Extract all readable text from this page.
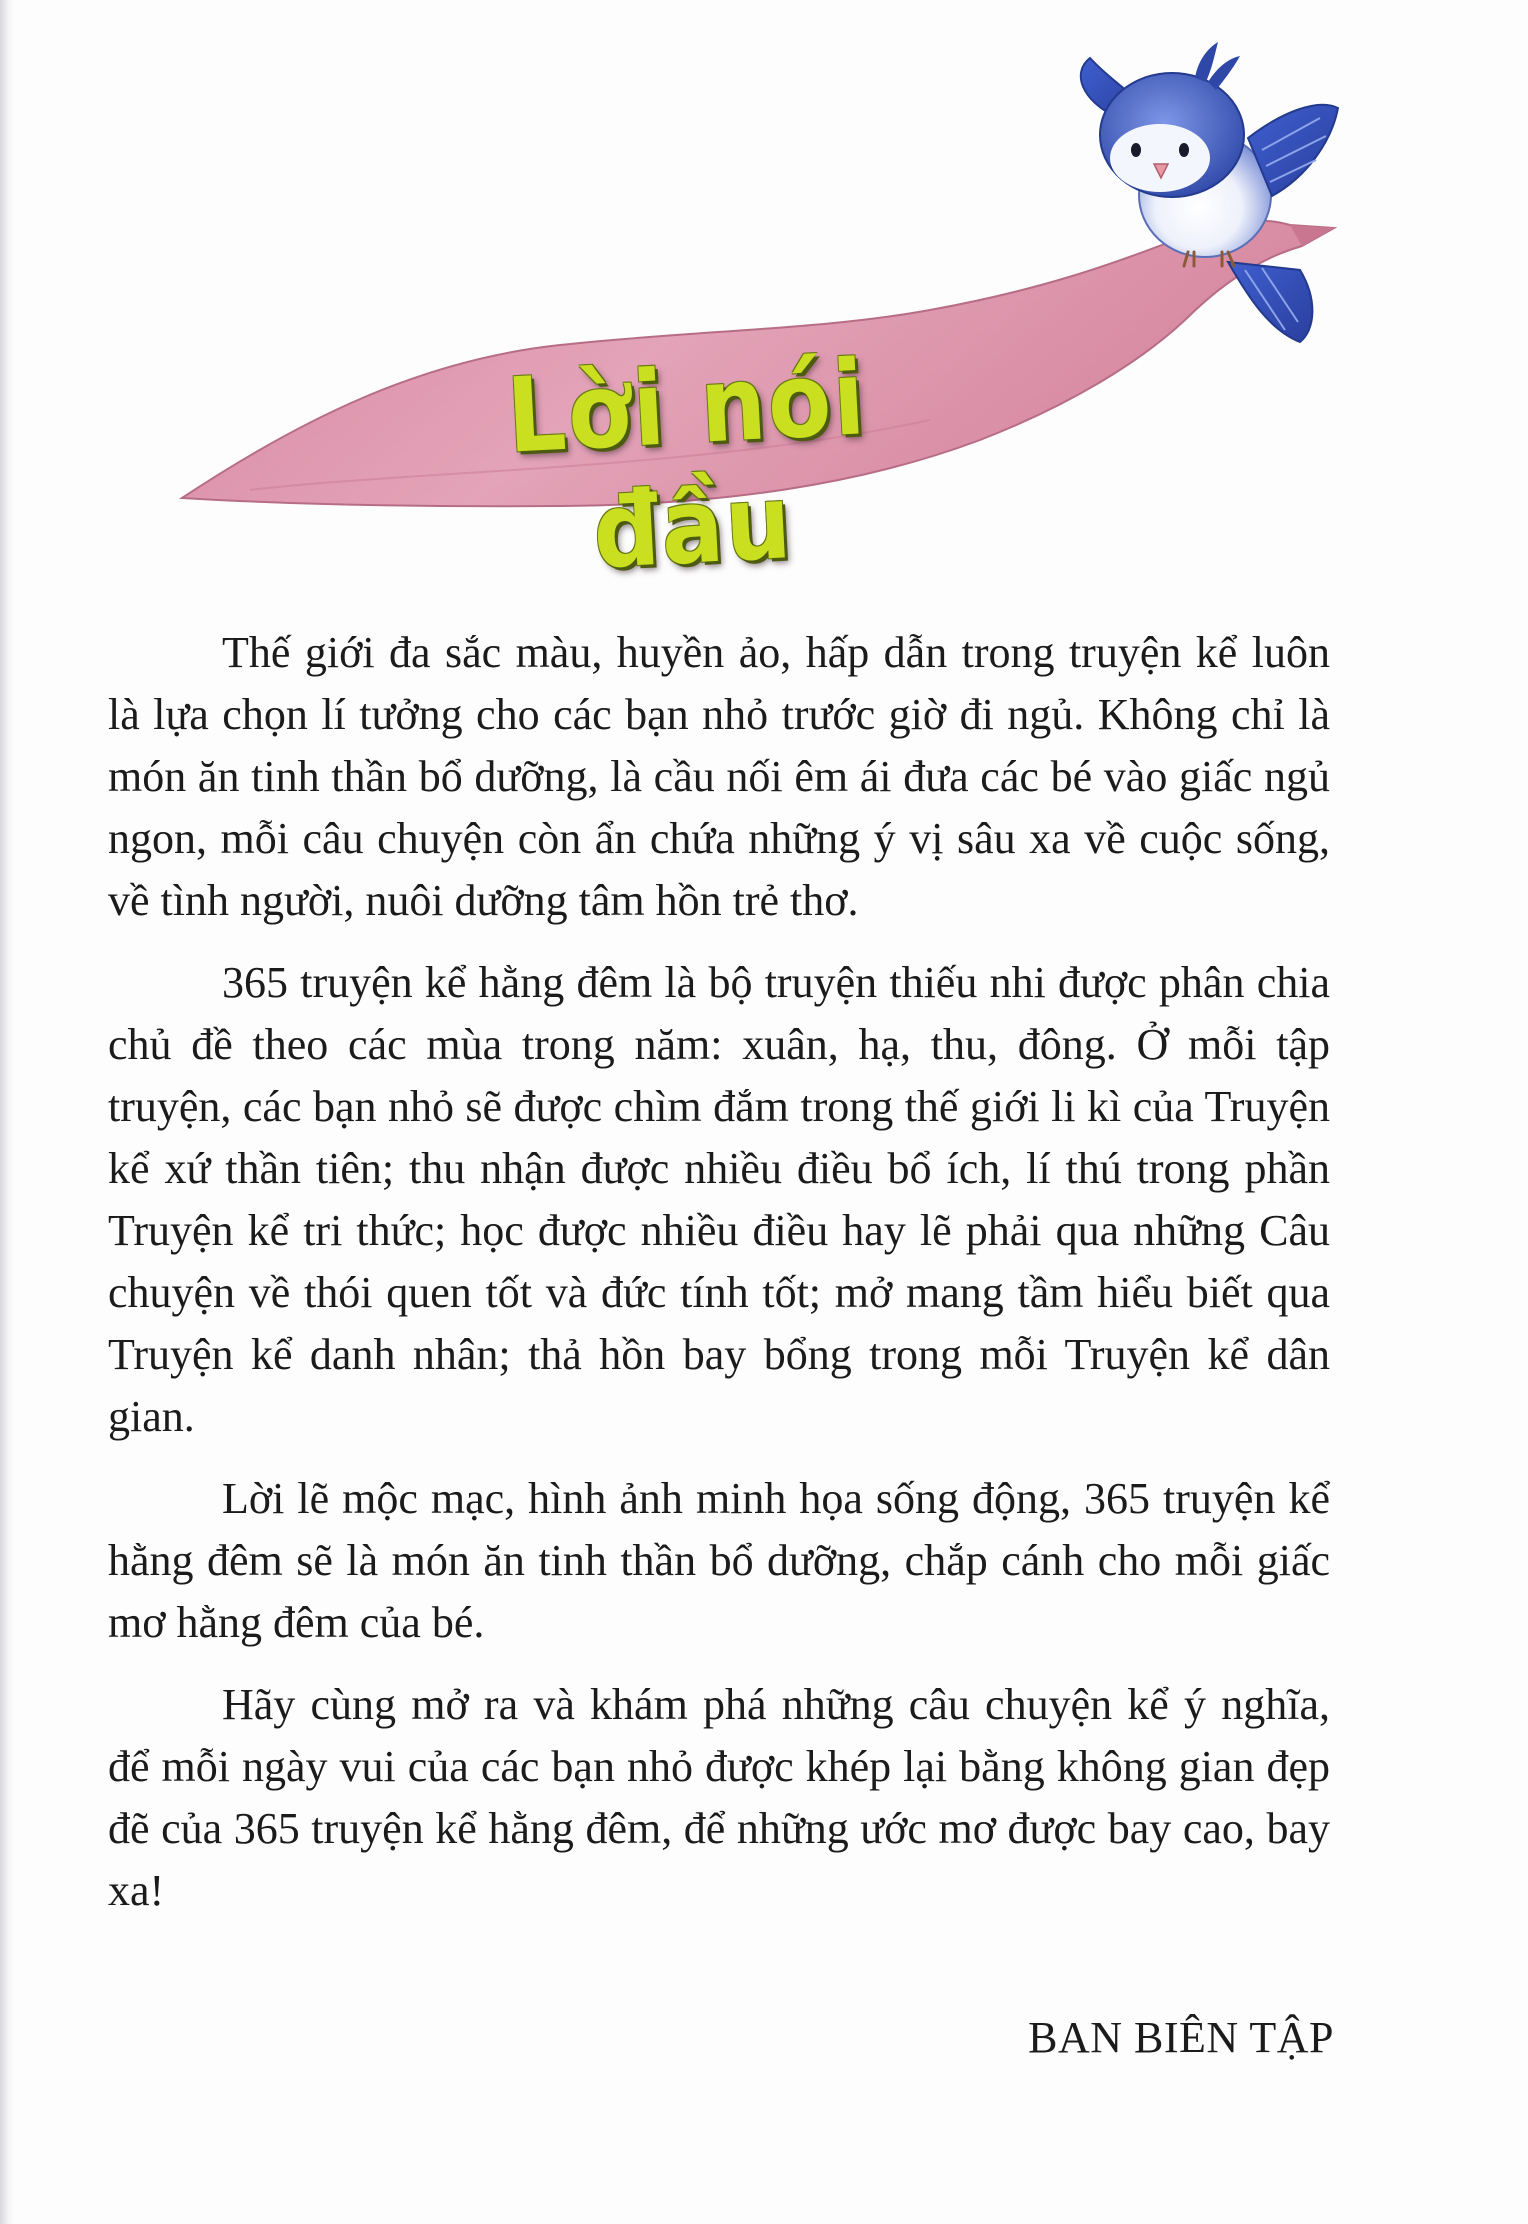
Lời nói đầu

Thế giới đa sắc màu, huyền ảo, hấp dẫn trong truyện kể luôn là lựa chọn lí tưởng cho các bạn nhỏ trước giờ đi ngủ. Không chỉ là món ăn tinh thần bổ dưỡng, là cầu nối êm ái đưa các bé vào giấc ngủ ngon, mỗi câu chuyện còn ẩn chứa những ý vị sâu xa về cuộc sống, về tình người, nuôi dưỡng tâm hồn trẻ thơ.

365 truyện kể hằng đêm là bộ truyện thiếu nhi được phân chia chủ đề theo các mùa trong năm: xuân, hạ, thu, đông. Ở mỗi tập truyện, các bạn nhỏ sẽ được chìm đắm trong thế giới li kì của Truyện kể xứ thần tiên; thu nhận được nhiều điều bổ ích, lí thú trong phần Truyện kể tri thức; học được nhiều điều hay lẽ phải qua những Câu chuyện về thói quen tốt và đức tính tốt; mở mang tầm hiểu biết qua Truyện kể danh nhân; thả hồn bay bổng trong mỗi Truyện kể dân gian.

Lời lẽ mộc mạc, hình ảnh minh họa sống động, 365 truyện kể hằng đêm sẽ là món ăn tinh thần bổ dưỡng, chắp cánh cho mỗi giấc mơ hằng đêm của bé.

Hãy cùng mở ra và khám phá những câu chuyện kể ý nghĩa, để mỗi ngày vui của các bạn nhỏ được khép lại bằng không gian đẹp đẽ của 365 truyện kể hằng đêm, để những ước mơ được bay cao, bay xa!

BAN BIÊN TẬP
